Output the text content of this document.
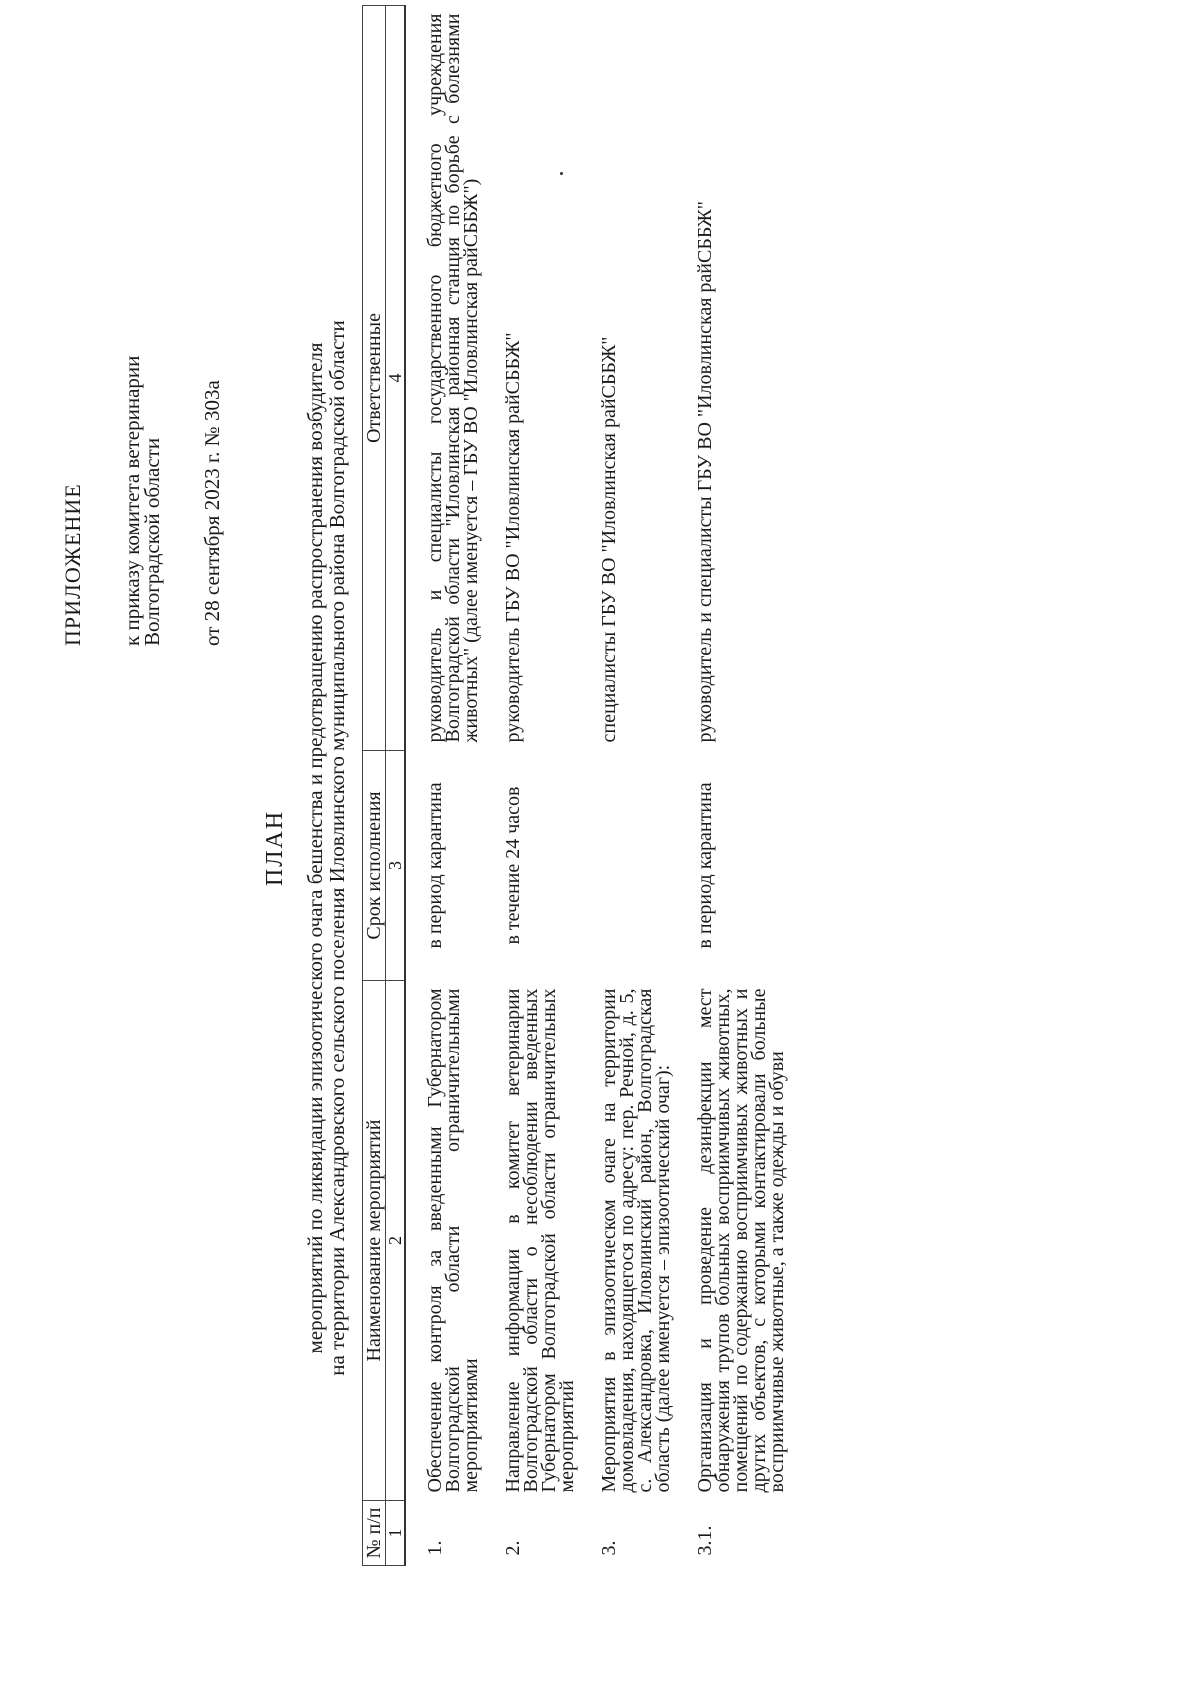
ПРИЛОЖЕНИЕ к приказу комитета ветеринарии
Волгоградской области от 28 сентября 2023 г. № 303а
ПЛАН мероприятий по ликвидации эпизоотического очага бешенства и предотвращению распространения возбудителя
на территории Александровского сельского поселения Иловлинского муниципального района Волгоградской области
№ п/п	Наименование мероприятий	Срок исполнения	Ответственные
1	2	3	4

1.	Обеспечение контроля за введенными Губернатором Волгоградской области ограничительными мероприятиями	в период карантина	руководитель и специалисты государственного бюджетного учреждения Волгоградской области "Иловлинская районная станция по борьбе с болезнями животных" (далее именуется – ГБУ ВО "Иловлинская райСББЖ")

2.	Направление информации в комитет ветеринарии Волгоградской области о несоблюдении введенных Губернатором Волгоградской области ограничительных мероприятий	в течение 24 часов	руководитель ГБУ ВО "Иловлинская райСББЖ"

3.	Мероприятия в эпизоотическом очаге на территории домовладения, находящегося по адресу: пер. Речной, д. 5, с. Александровка, Иловлинский район, Волгоградская область (далее именуется – эпизоотический очаг):		специалисты ГБУ ВО "Иловлинская райСББЖ"

3.1.	Организация и проведение дезинфекции мест обнаружения трупов больных восприимчивых животных, помещений по содержанию восприимчивых животных и других объектов, с которыми контактировали больные восприимчивые животные, а также одежды и обуви	в период карантина	руководитель и специалисты ГБУ ВО "Иловлинская райСББЖ"
